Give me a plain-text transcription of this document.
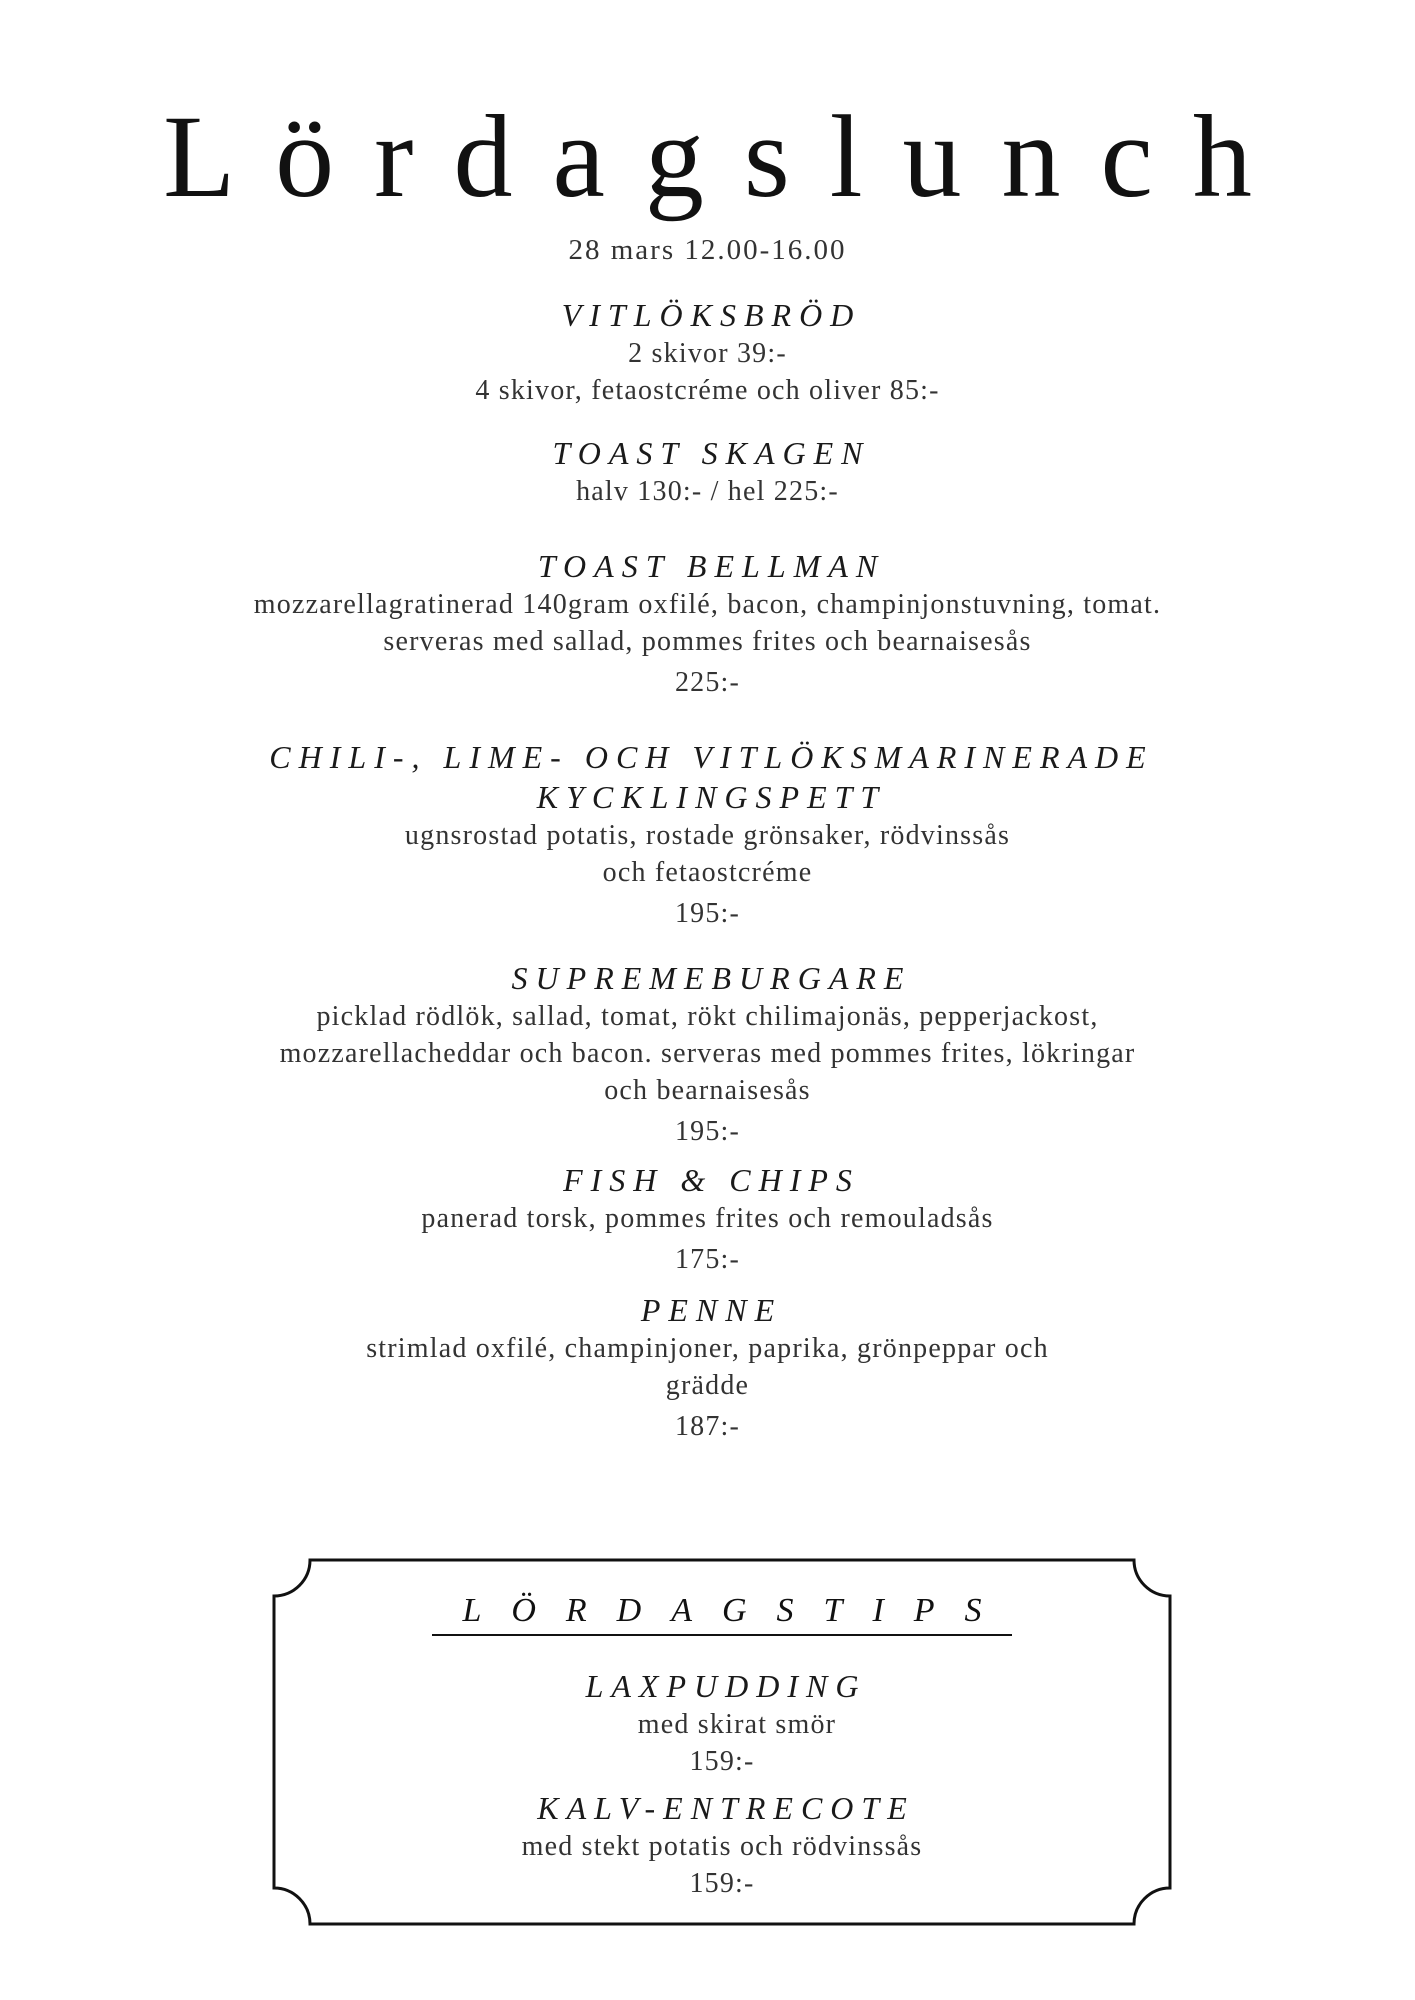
Lördagslunch
28 mars 12.00-16.00
VITLÖKSBRÖD
2 skivor 39:-
4 skivor, fetaostcréme och oliver 85:-
TOAST SKAGEN
halv 130:- / hel 225:-
TOAST BELLMAN
mozzarellagratinerad 140gram oxfilé, bacon, champinjonstuvning, tomat.
serveras med sallad, pommes frites och bearnaisesås
225:-
CHILI-, LIME- OCH VITLÖKSMARINERADE KYCKLINGSPETT
ugnsrostad potatis, rostade grönsaker, rödvinssås
och fetaostcréme
195:-
SUPREMEBURGARE
picklad rödlök, sallad, tomat, rökt chilimajonäs, pepperjackost,
mozzarellacheddar och bacon. serveras med pommes frites, lökringar
och bearnaisesås
195:-
FISH & CHIPS
panerad torsk, pommes frites och remouladsås
175:-
PENNE
strimlad oxfilé, champinjoner, paprika, grönpeppar och
grädde
187:-
LÖRDAGSTIPS
LAXPUDDING
med skirat smör
159:-
KALV-ENTRECOTE
med stekt potatis och rödvinssås
159:-
